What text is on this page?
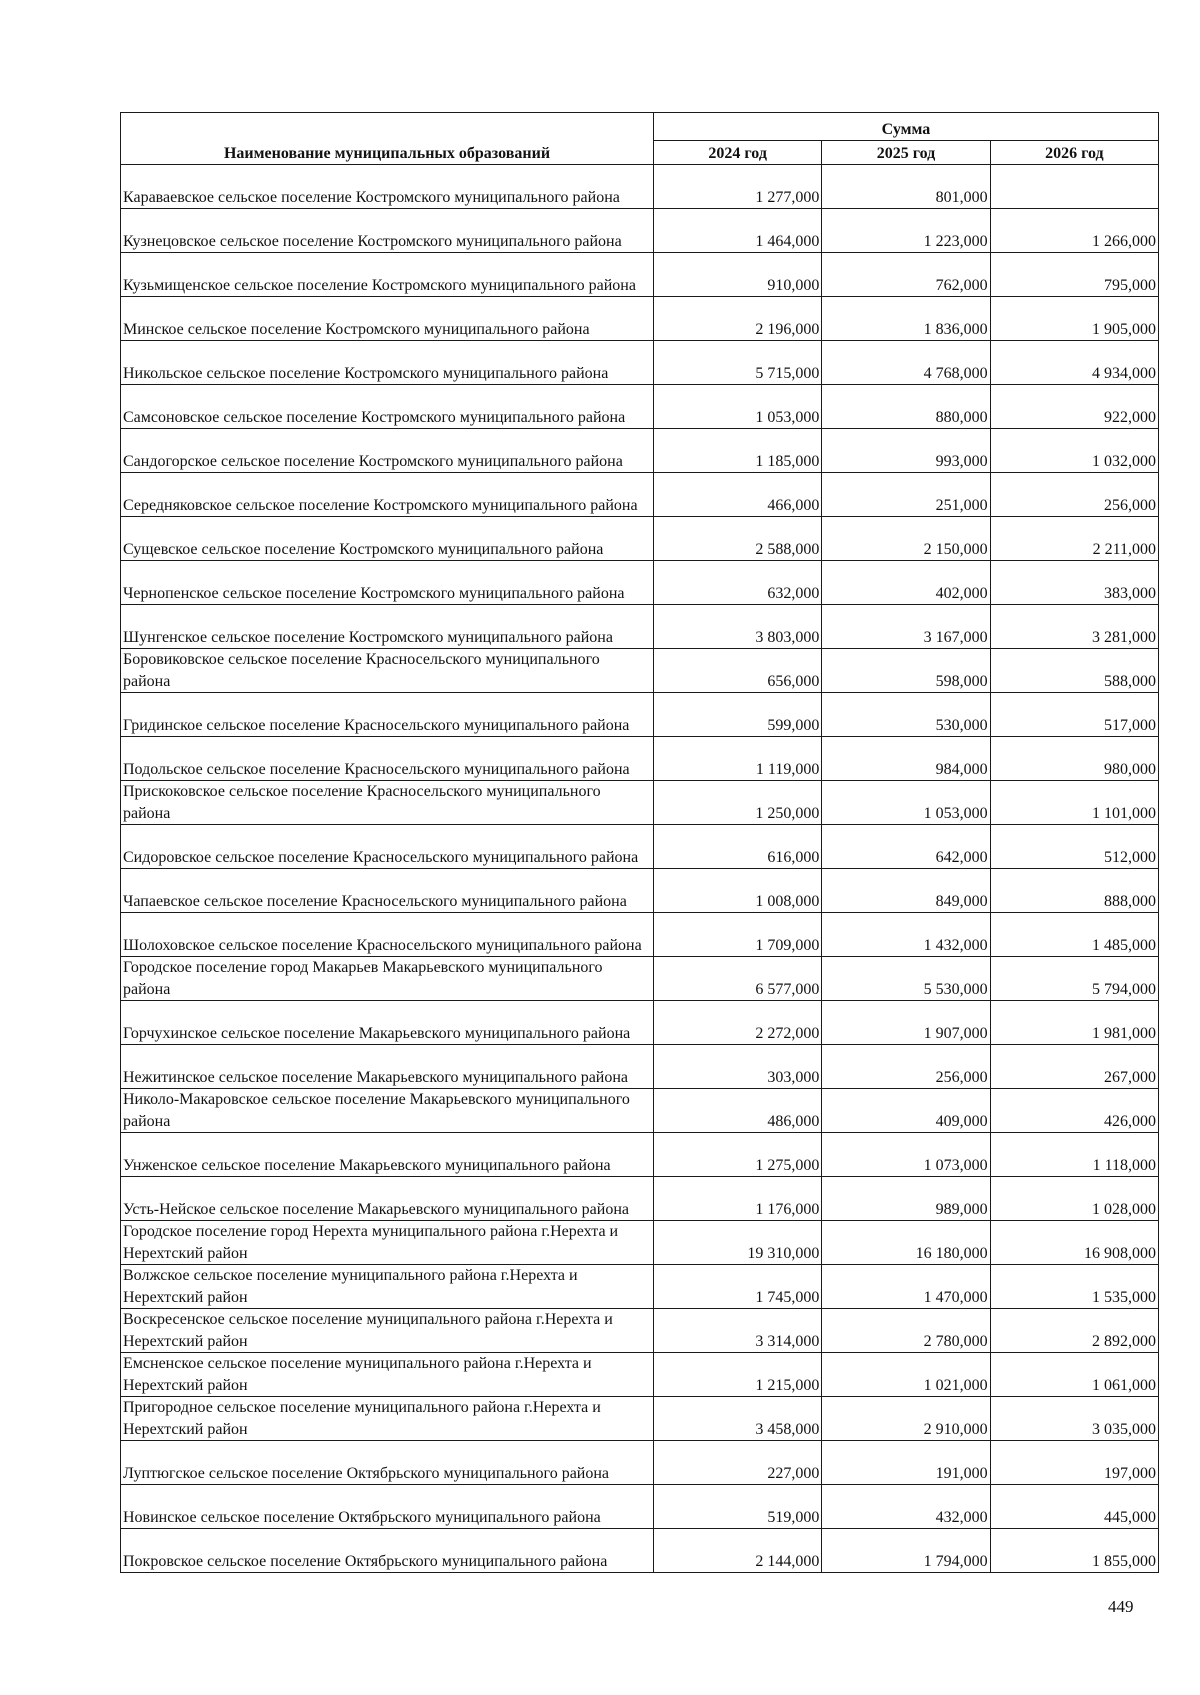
Наименование муниципальных образований	Сумма		
	2024 год	2025 год	2026 год
Караваевское сельское поселение Костромского муниципального района	1 277,000	801,000	
Кузнецовское сельское поселение Костромского муниципального района	1 464,000	1 223,000	1 266,000
Кузьмищенское сельское поселение Костромского муниципального района	910,000	762,000	795,000
Минское сельское поселение Костромского муниципального района	2 196,000	1 836,000	1 905,000
Никольское сельское поселение Костромского муниципального района	5 715,000	4 768,000	4 934,000
Самсоновское сельское поселение Костромского муниципального района	1 053,000	880,000	922,000
Сандогорское сельское поселение Костромского муниципального района	1 185,000	993,000	1 032,000
Середняковское сельское поселение Костромского муниципального района	466,000	251,000	256,000
Сущевское сельское поселение Костромского муниципального района	2 588,000	2 150,000	2 211,000
Чернопенское сельское поселение Костромского муниципального района	632,000	402,000	383,000
Шунгенское сельское поселение Костромского муниципального района	3 803,000	3 167,000	3 281,000
Боровиковское сельское поселение Красносельского муниципального района	656,000	598,000	588,000
Гридинское сельское поселение Красносельского муниципального района	599,000	530,000	517,000
Подольское сельское поселение Красносельского муниципального района	1 119,000	984,000	980,000
Прискоковское сельское поселение Красносельского муниципального района	1 250,000	1 053,000	1 101,000
Сидоровское сельское поселение Красносельского муниципального района	616,000	642,000	512,000
Чапаевское сельское поселение Красносельского муниципального района	1 008,000	849,000	888,000
Шолоховское сельское поселение Красносельского муниципального района	1 709,000	1 432,000	1 485,000
Городское поселение город Макарьев Макарьевского муниципального района	6 577,000	5 530,000	5 794,000
Горчухинское сельское поселение Макарьевского муниципального района	2 272,000	1 907,000	1 981,000
Нежитинское сельское поселение Макарьевского муниципального района	303,000	256,000	267,000
Николо-Макаровское сельское поселение Макарьевского муниципального района	486,000	409,000	426,000
Унженское сельское поселение Макарьевского муниципального района	1 275,000	1 073,000	1 118,000
Усть-Нейское сельское поселение Макарьевского муниципального района	1 176,000	989,000	1 028,000
Городское поселение город Нерехта муниципального района г.Нерехта и Нерехтский район	19 310,000	16 180,000	16 908,000
Волжское сельское поселение муниципального района г.Нерехта и Нерехтский район	1 745,000	1 470,000	1 535,000
Воскресенское сельское поселение муниципального района г.Нерехта и Нерехтский район	3 314,000	2 780,000	2 892,000
Емсненское сельское поселение муниципального района г.Нерехта и Нерехтский район	1 215,000	1 021,000	1 061,000
Пригородное сельское поселение муниципального района г.Нерехта и Нерехтский район	3 458,000	2 910,000	3 035,000
Луптюгское сельское поселение Октябрьского муниципального района	227,000	191,000	197,000
Новинское сельское поселение Октябрьского муниципального района	519,000	432,000	445,000
Покровское сельское поселение Октябрьского муниципального района	2 144,000	1 794,000	1 855,000
449
